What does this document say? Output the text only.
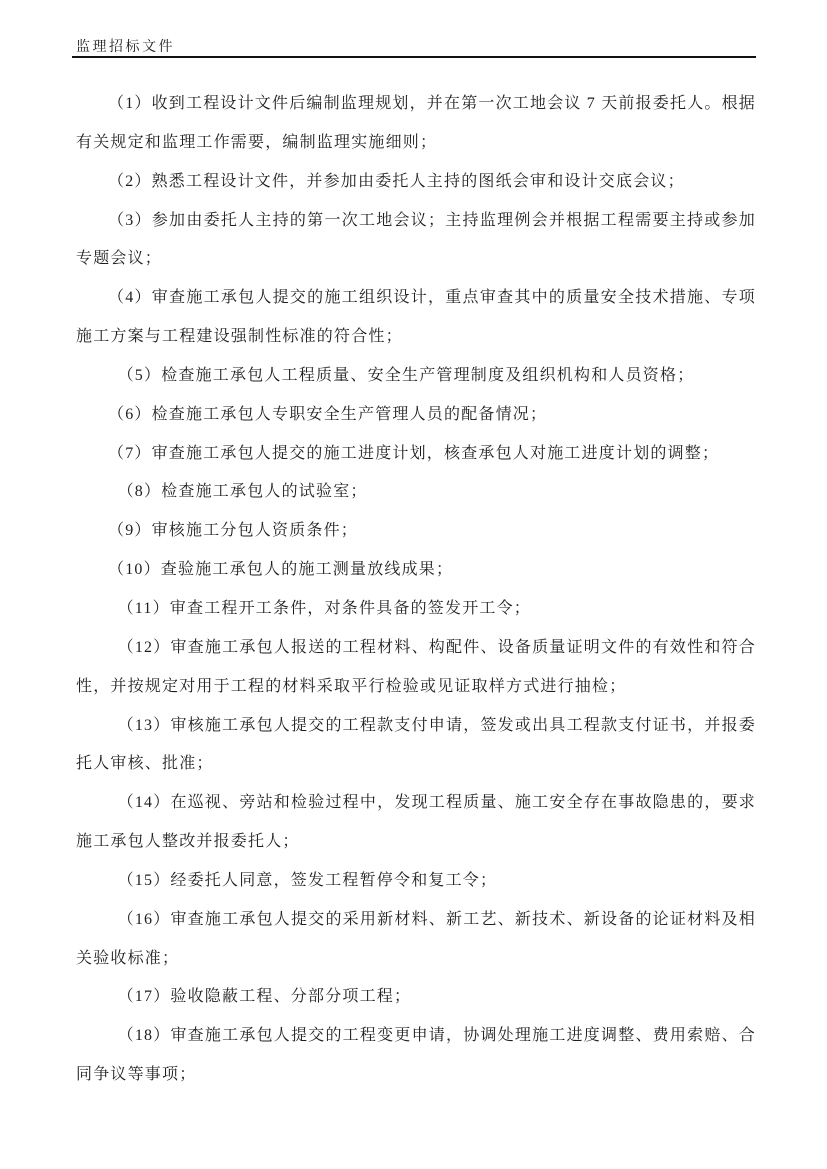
监理招标文件

（1）收到工程设计文件后编制监理规划，并在第一次工地会议 7 天前报委托人。根据有关规定和监理工作需要，编制监理实施细则；

（2）熟悉工程设计文件，并参加由委托人主持的图纸会审和设计交底会议；

（3）参加由委托人主持的第一次工地会议；主持监理例会并根据工程需要主持或参加专题会议；

（4）审查施工承包人提交的施工组织设计，重点审查其中的质量安全技术措施、专项施工方案与工程建设强制性标准的符合性；

（5）检查施工承包人工程质量、安全生产管理制度及组织机构和人员资格；

（6）检查施工承包人专职安全生产管理人员的配备情况；

（7）审查施工承包人提交的施工进度计划，核查承包人对施工进度计划的调整；

（8）检查施工承包人的试验室；

（9）审核施工分包人资质条件；

（10）查验施工承包人的施工测量放线成果；

（11）审查工程开工条件，对条件具备的签发开工令；

（12）审查施工承包人报送的工程材料、构配件、设备质量证明文件的有效性和符合性，并按规定对用于工程的材料采取平行检验或见证取样方式进行抽检；

（13）审核施工承包人提交的工程款支付申请，签发或出具工程款支付证书，并报委托人审核、批准；

（14）在巡视、旁站和检验过程中，发现工程质量、施工安全存在事故隐患的，要求施工承包人整改并报委托人；

（15）经委托人同意，签发工程暂停令和复工令；

（16）审查施工承包人提交的采用新材料、新工艺、新技术、新设备的论证材料及相关验收标准；

（17）验收隐蔽工程、分部分项工程；

（18）审查施工承包人提交的工程变更申请，协调处理施工进度调整、费用索赔、合同争议等事项；
